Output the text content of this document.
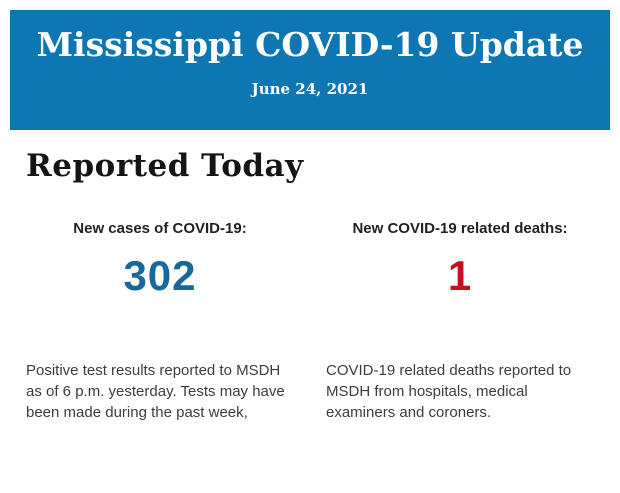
Mississippi COVID-19 Update
June 24, 2021
Reported Today
New cases of COVID-19:
302
New COVID-19 related deaths:
1
Positive test results reported to MSDH as of 6 p.m. yesterday. Tests may have been made during the past week,
COVID-19 related deaths reported to MSDH from hospitals, medical examiners and coroners.
